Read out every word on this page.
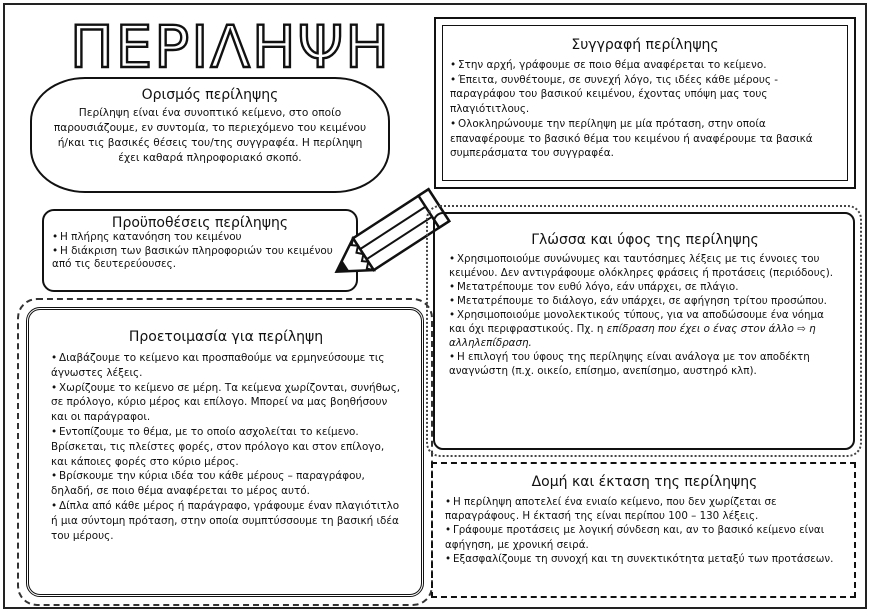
ΠΕΡΙΛΗΨΗ
Ορισμός περίληψης

Περίληψη είναι ένα συνοπτικό κείμενο, στο οποίο παρουσιάζουμε, εν συντομία, το περιεχόμενο του κειμένου ή/και τις βασικές θέσεις του/της συγγραφέα. Η περίληψη έχει καθαρά πληροφοριακό σκοπό.

Προϋποθέσεις περίληψης
• Η πλήρης κατανόηση του κειμένου
• Η διάκριση των βασικών πληροφοριών του κειμένου από τις δευτερεύουσες.
Προετοιμασία για περίληψη
• Διαβάζουμε το κείμενο και προσπαθούμε να ερμηνεύσουμε τις άγνωστες λέξεις.
• Χωρίζουμε το κείμενο σε μέρη. Τα κείμενα χωρίζονται, συνήθως, σε πρόλογο, κύριο μέρος και επίλογο. Μπορεί να μας βοηθήσουν και οι παράγραφοι.
• Εντοπίζουμε το θέμα, με το οποίο ασχολείται το κείμενο. Βρίσκεται, τις πλείστες φορές, στον πρόλογο και στον επίλογο, και κάποιες φορές στο κύριο μέρος.
• Βρίσκουμε την κύρια ιδέα του κάθε μέρους – παραγράφου, δηλαδή, σε ποιο θέμα αναφέρεται το μέρος αυτό.
• Δίπλα από κάθε μέρος ή παράγραφο, γράφουμε έναν πλαγιότιτλο ή μια σύντομη πρόταση, στην οποία συμπτύσσουμε τη βασική ιδέα του μέρους.
Συγγραφή περίληψης
• Στην αρχή, γράφουμε σε ποιο θέμα αναφέρεται το κείμενο.
• Έπειτα, συνθέτουμε, σε συνεχή λόγο, τις ιδέες κάθε μέρους - παραγράφου του βασικού κειμένου, έχοντας υπόψη μας τους πλαγιότιτλους.
• Ολοκληρώνουμε την περίληψη με μία πρόταση, στην οποία επαναφέρουμε το βασικό θέμα του κειμένου ή αναφέρουμε τα βασικά συμπεράσματα του συγγραφέα.
Γλώσσα και ύφος της περίληψης
• Χρησιμοποιούμε συνώνυμες και ταυτόσημες λέξεις με τις έννοιες του κειμένου. Δεν αντιγράφουμε ολόκληρες φράσεις ή προτάσεις (περιόδους).
• Μετατρέπουμε τον ευθύ λόγο, εάν υπάρχει, σε πλάγιο.
• Μετατρέπουμε το διάλογο, εάν υπάρχει, σε αφήγηση τρίτου προσώπου.
• Χρησιμοποιούμε μονολεκτικούς τύπους, για να αποδώσουμε ένα νόημα και όχι περιφραστικούς. Πχ. η επίδραση που έχει ο ένας στον άλλο ⇨ η αλληλεπίδραση.
• Η επιλογή του ύφους της περίληψης είναι ανάλογα με τον αποδέκτη αναγνώστη (π.χ. οικείο, επίσημο, ανεπίσημο, αυστηρό κλπ).
Δομή και έκταση της περίληψης
• Η περίληψη αποτελεί ένα ενιαίο κείμενο, που δεν χωρίζεται σε παραγράφους. Η έκτασή της είναι περίπου 100 – 130 λέξεις.
• Γράφουμε προτάσεις με λογική σύνδεση και, αν το βασικό κείμενο είναι αφήγηση, με χρονική σειρά.
• Εξασφαλίζουμε τη συνοχή και τη συνεκτικότητα μεταξύ των προτάσεων.
